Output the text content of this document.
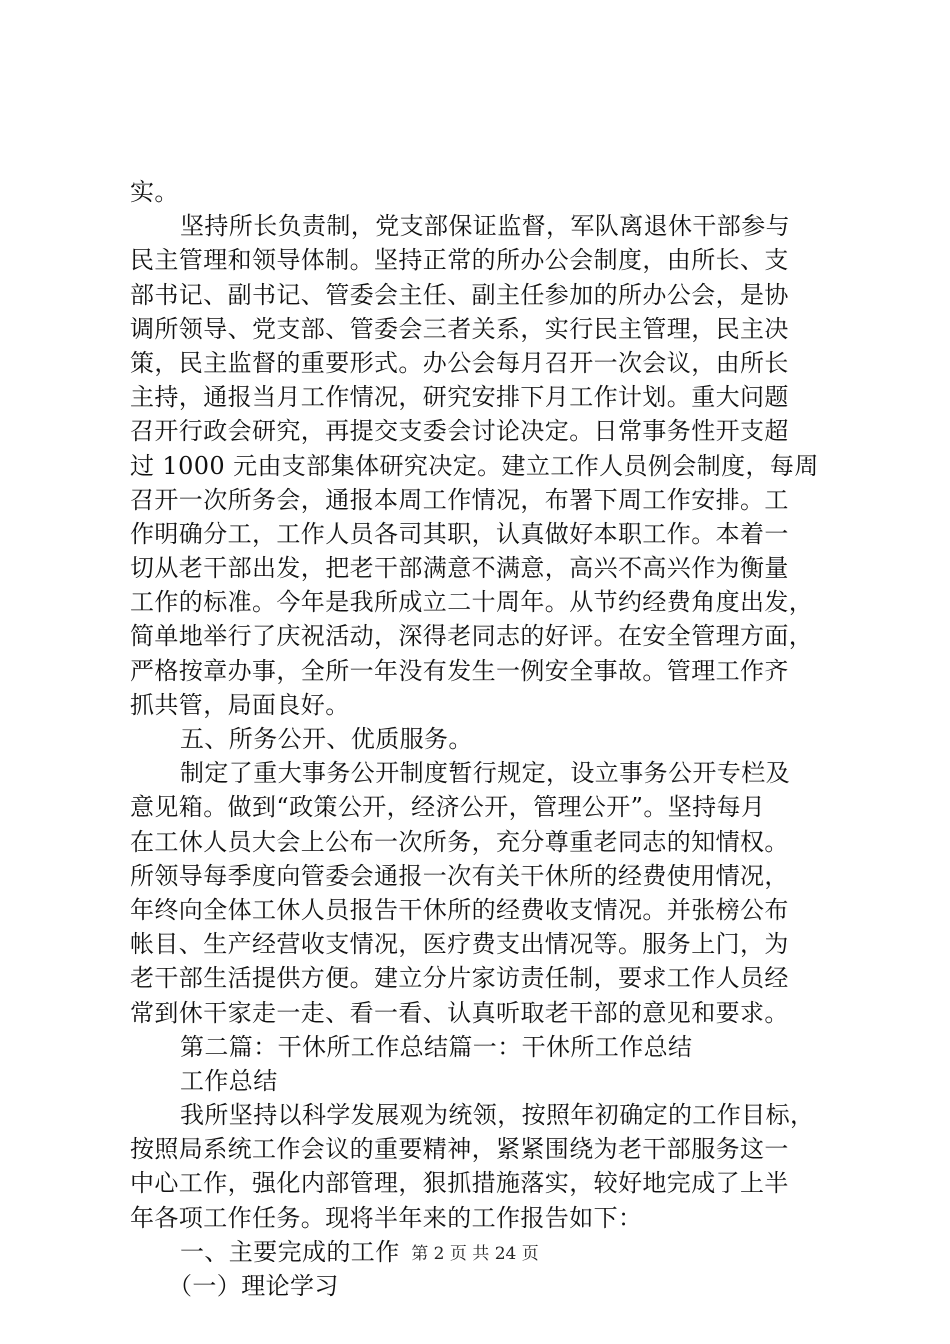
实。
坚持所长负责制，党支部保证监督，军队离退休干部参与
民主管理和领导体制。坚持正常的所办公会制度，由所长、支
部书记、副书记、管委会主任、副主任参加的所办公会，是协
调所领导、党支部、管委会三者关系，实行民主管理，民主决
策，民主监督的重要形式。办公会每月召开一次会议，由所长
主持，通报当月工作情况，研究安排下月工作计划。重大问题
召开行政会研究，再提交支委会讨论决定。日常事务性开支超
过 1000 元由支部集体研究决定。建立工作人员例会制度，每周
召开一次所务会，通报本周工作情况，布署下周工作安排。工
作明确分工，工作人员各司其职，认真做好本职工作。本着一
切从老干部出发，把老干部满意不满意，高兴不高兴作为衡量
工作的标准。今年是我所成立二十周年。从节约经费角度出发，
简单地举行了庆祝活动，深得老同志的好评。在安全管理方面，
严格按章办事，全所一年没有发生一例安全事故。管理工作齐
抓共管，局面良好。
五、所务公开、优质服务。
制定了重大事务公开制度暂行规定，设立事务公开专栏及
意见箱。做到“政策公开，经济公开，管理公开”。坚持每月
在工休人员大会上公布一次所务，充分尊重老同志的知情权。
所领导每季度向管委会通报一次有关干休所的经费使用情况，
年终向全体工休人员报告干休所的经费收支情况。并张榜公布
帐目、生产经营收支情况，医疗费支出情况等。服务上门，为
老干部生活提供方便。建立分片家访责任制，要求工作人员经
常到休干家走一走、看一看、认真听取老干部的意见和要求。
第二篇：干休所工作总结篇一：干休所工作总结
工作总结
我所坚持以科学发展观为统领，按照年初确定的工作目标，
按照局系统工作会议的重要精神，紧紧围绕为老干部服务这一
中心工作，强化内部管理，狠抓措施落实，较好地完成了上半
年各项工作任务。现将半年来的工作报告如下：
一、主要完成的工作
（一）理论学习
第 2 页 共 24 页
